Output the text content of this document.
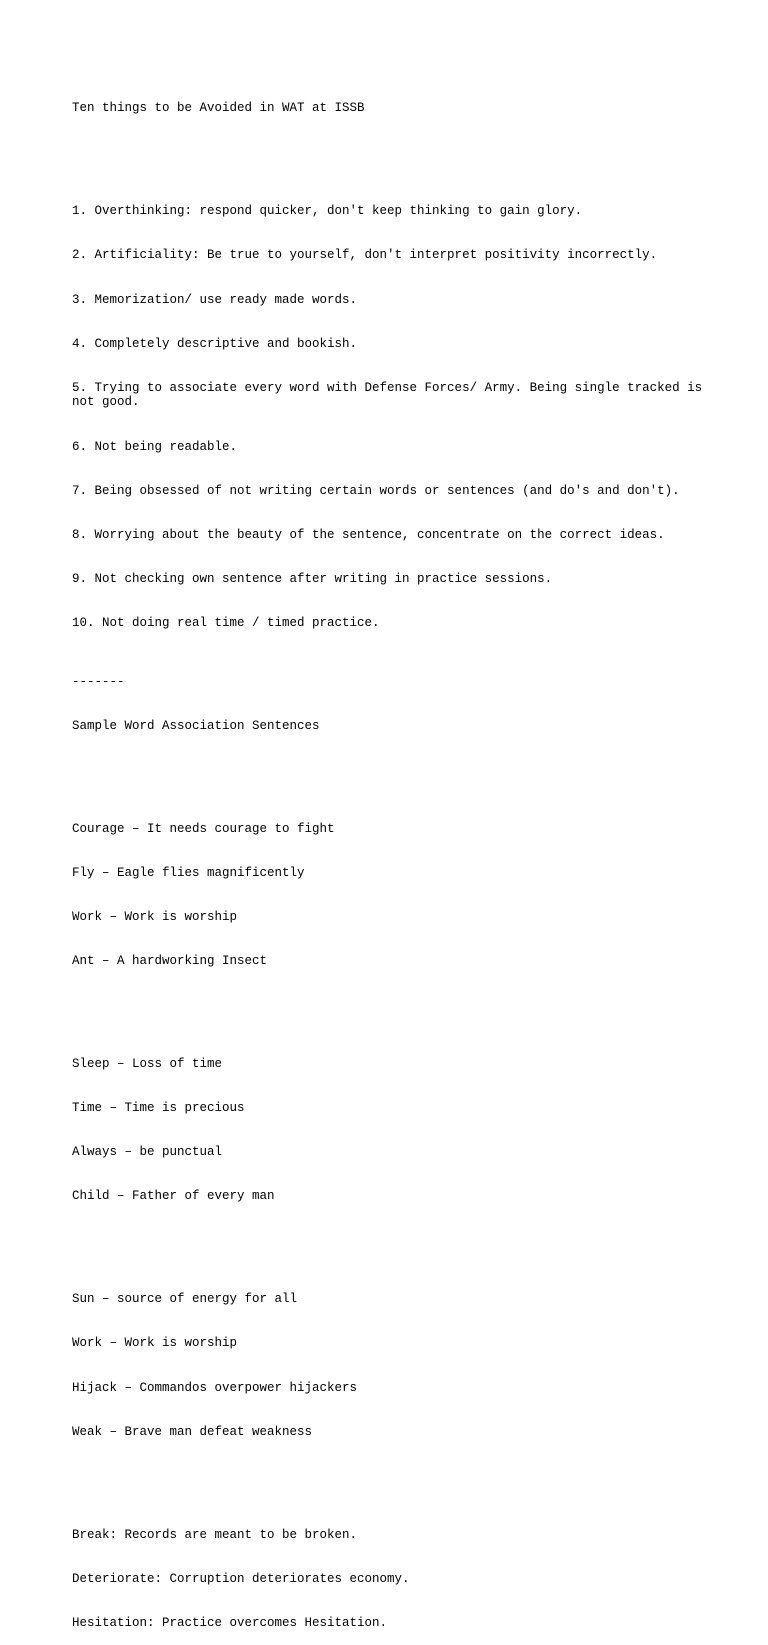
Ten things to be Avoided in WAT at ISSB

1. Overthinking: respond quicker, don't keep thinking to gain glory.

2. Artificiality: Be true to yourself, don't interpret positivity incorrectly.

3. Memorization/ use ready made words.

4. Completely descriptive and bookish.

5. Trying to associate every word with Defense Forces/ Army. Being single tracked is not good.

6. Not being readable.

7. Being obsessed of not writing certain words or sentences (and do's and don't).

8. Worrying about the beauty of the sentence, concentrate on the correct ideas.

9. Not checking own sentence after writing in practice sessions.

10. Not doing real time / timed practice.

-------

Sample Word Association Sentences

Courage – It needs courage to fight

Fly – Eagle flies magnificently

Work – Work is worship

Ant – A hardworking Insect

Sleep – Loss of time

Time – Time is precious

Always – be punctual

Child – Father of every man

Sun – source of energy for all

Work – Work is worship

Hijack – Commandos overpower hijackers

Weak – Brave man defeat weakness

Break: Records are meant to be broken.

Deteriorate: Corruption deteriorates economy.

Hesitation: Practice overcomes Hesitation.
